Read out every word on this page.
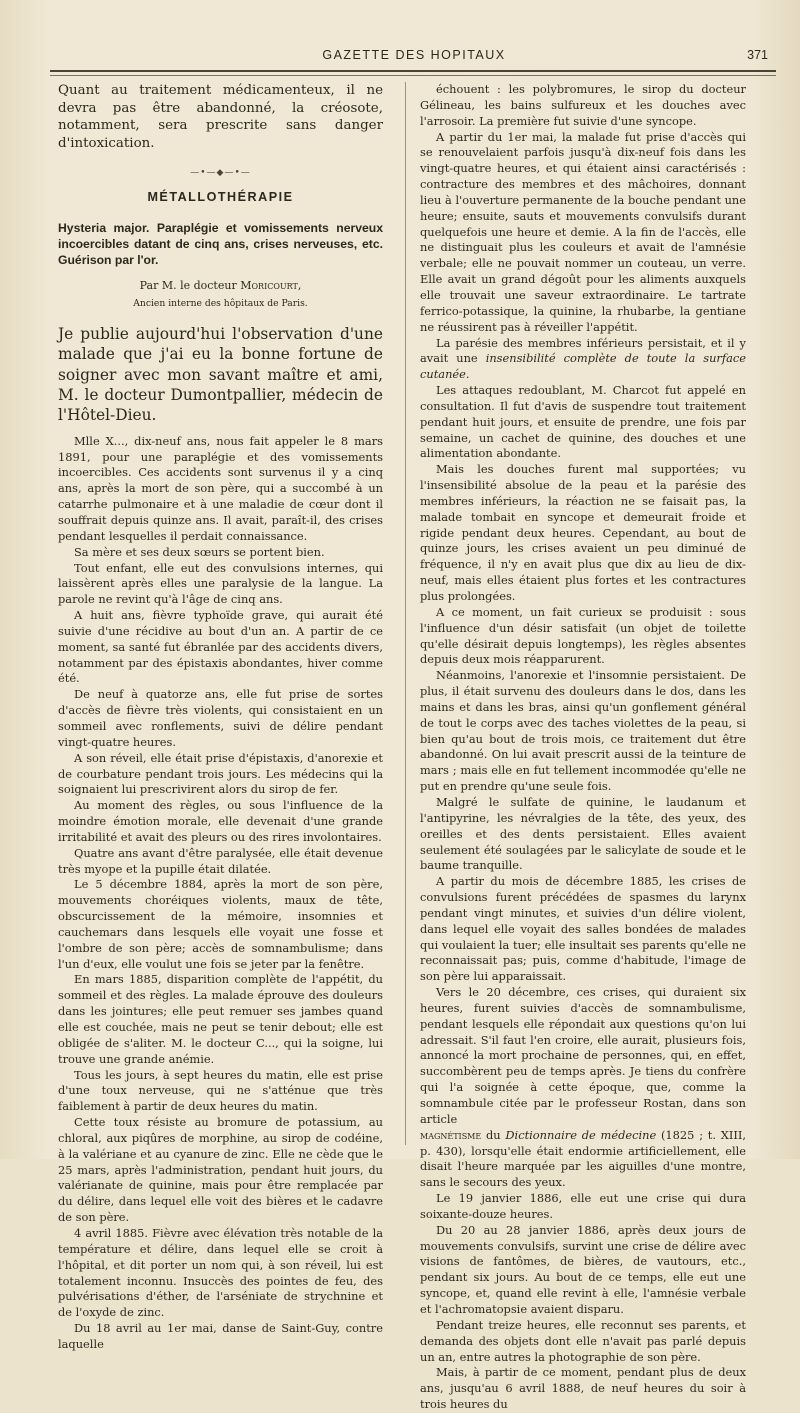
GAZETTE DES HOPITAUX	371

Quant au traitement médicamenteux, il ne devra pas être abandonné, la créosote, notamment, sera prescrite sans danger d'intoxication.

—•—◆—•—
MÉTALLOTHÉRAPIE
Hysteria major. Paraplégie et vomissements nerveux incoercibles datant de cinq ans, crises nerveuses, etc. Guérison par l'or.

Par M. le docteur Moricourt,

Ancien interne des hôpitaux de Paris.

Je publie aujourd'hui l'observation d'une malade que j'ai eu la bonne fortune de soigner avec mon savant maître et ami, M. le docteur Dumontpallier, médecin de l'Hôtel-Dieu.

Mlle X..., dix-neuf ans, nous fait appeler le 8 mars 1891, pour une paraplégie et des vomissements incoercibles. Ces accidents sont survenus il y a cinq ans, après la mort de son père, qui a succombé à un catarrhe pulmonaire et à une maladie de cœur dont il souffrait depuis quinze ans. Il avait, paraît-il, des crises pendant lesquelles il perdait connaissance.

Sa mère et ses deux sœurs se portent bien.

Tout enfant, elle eut des convulsions internes, qui laissèrent après elles une paralysie de la langue. La parole ne revint qu'à l'âge de cinq ans.

A huit ans, fièvre typhoïde grave, qui aurait été suivie d'une récidive au bout d'un an. A partir de ce moment, sa santé fut ébranlée par des accidents divers, notamment par des épistaxis abondantes, hiver comme été.

De neuf à quatorze ans, elle fut prise de sortes d'accès de fièvre très violents, qui consistaient en un sommeil avec ronflements, suivi de délire pendant vingt-quatre heures.

A son réveil, elle était prise d'épistaxis, d'anorexie et de courbature pendant trois jours. Les médecins qui la soignaient lui prescrivirent alors du sirop de fer.

Au moment des règles, ou sous l'influence de la moindre émotion morale, elle devenait d'une grande irritabilité et avait des pleurs ou des rires involontaires.

Quatre ans avant d'être paralysée, elle était devenue très myope et la pupille était dilatée.

Le 5 décembre 1884, après la mort de son père, mouvements choréiques violents, maux de tête, obscurcissement de la mémoire, insomnies et cauchemars dans lesquels elle voyait une fosse et l'ombre de son père; accès de somnambulisme; dans l'un d'eux, elle voulut une fois se jeter par la fenêtre.

En mars 1885, disparition complète de l'appétit, du sommeil et des règles. La malade éprouve des douleurs dans les jointures; elle peut remuer ses jambes quand elle est couchée, mais ne peut se tenir debout; elle est obligée de s'aliter. M. le docteur C..., qui la soigne, lui trouve une grande anémie.

Tous les jours, à sept heures du matin, elle est prise d'une toux nerveuse, qui ne s'atténue que très faiblement à partir de deux heures du matin.

Cette toux résiste au bromure de potassium, au chloral, aux piqûres de morphine, au sirop de codéine, à la valériane et au cyanure de zinc. Elle ne cède que le 25 mars, après l'administration, pendant huit jours, du valérianate de quinine, mais pour être remplacée par du délire, dans lequel elle voit des bières et le cadavre de son père.

4 avril 1885. Fièvre avec élévation très notable de la température et délire, dans lequel elle se croit à l'hôpital, et dit porter un nom qui, à son réveil, lui est totalement inconnu. Insuccès des pointes de feu, des pulvérisations d'éther, de l'arséniate de strychnine et de l'oxyde de zinc.

Du 18 avril au 1er mai, danse de Saint-Guy, contre laquelle

échouent : les polybromures, le sirop du docteur Gélineau, les bains sulfureux et les douches avec l'arrosoir. La première fut suivie d'une syncope.

A partir du 1er mai, la malade fut prise d'accès qui se renouvelaient parfois jusqu'à dix-neuf fois dans les vingt-quatre heures, et qui étaient ainsi caractérisés : contracture des membres et des mâchoires, donnant lieu à l'ouverture permanente de la bouche pendant une heure; ensuite, sauts et mouvements convulsifs durant quelquefois une heure et demie. A la fin de l'accès, elle ne distinguait plus les couleurs et avait de l'amnésie verbale; elle ne pouvait nommer un couteau, un verre. Elle avait un grand dégoût pour les aliments auxquels elle trouvait une saveur extraordinaire. Le tartrate ferrico-potassique, la quinine, la rhubarbe, la gentiane ne réussirent pas à réveiller l'appétit.

La parésie des membres inférieurs persistait, et il y avait une insensibilité complète de toute la surface cutanée.

Les attaques redoublant, M. Charcot fut appelé en consultation. Il fut d'avis de suspendre tout traitement pendant huit jours, et ensuite de prendre, une fois par semaine, un cachet de quinine, des douches et une alimentation abondante.

Mais les douches furent mal supportées; vu l'insensibilité absolue de la peau et la parésie des membres inférieurs, la réaction ne se faisait pas, la malade tombait en syncope et demeurait froide et rigide pendant deux heures. Cependant, au bout de quinze jours, les crises avaient un peu diminué de fréquence, il n'y en avait plus que dix au lieu de dix-neuf, mais elles étaient plus fortes et les contractures plus prolongées.

A ce moment, un fait curieux se produisit : sous l'influence d'un désir satisfait (un objet de toilette qu'elle désirait depuis longtemps), les règles absentes depuis deux mois réapparurent.

Néanmoins, l'anorexie et l'insomnie persistaient. De plus, il était survenu des douleurs dans le dos, dans les mains et dans les bras, ainsi qu'un gonflement général de tout le corps avec des taches violettes de la peau, si bien qu'au bout de trois mois, ce traitement dut être abandonné. On lui avait prescrit aussi de la teinture de mars ; mais elle en fut tellement incommodée qu'elle ne put en prendre qu'une seule fois.

Malgré le sulfate de quinine, le laudanum et l'antipyrine, les névralgies de la tête, des yeux, des oreilles et des dents persistaient. Elles avaient seulement été soulagées par le salicylate de soude et le baume tranquille.

A partir du mois de décembre 1885, les crises de convulsions furent précédées de spasmes du larynx pendant vingt minutes, et suivies d'un délire violent, dans lequel elle voyait des salles bondées de malades qui voulaient la tuer; elle insultait ses parents qu'elle ne reconnaissait pas; puis, comme d'habitude, l'image de son père lui apparaissait.

Vers le 20 décembre, ces crises, qui duraient six heures, furent suivies d'accès de somnambulisme, pendant lesquels elle répondait aux questions qu'on lui adressait. S'il faut l'en croire, elle aurait, plusieurs fois, annoncé la mort prochaine de personnes, qui, en effet, succombèrent peu de temps après. Je tiens du confrère qui l'a soignée à cette époque, que, comme la somnambule citée par le professeur Rostan, dans son article

magnétisme du Dictionnaire de médecine (1825 ; t. XIII, p. 430), lorsqu'elle était endormie artificiellement, elle disait l'heure marquée par les aiguilles d'une montre, sans le secours des yeux.

Le 19 janvier 1886, elle eut une crise qui dura soixante-douze heures.

Du 20 au 28 janvier 1886, après deux jours de mouvements convulsifs, survint une crise de délire avec visions de fantômes, de bières, de vautours, etc., pendant six jours. Au bout de ce temps, elle eut une syncope, et, quand elle revint à elle, l'amnésie verbale et l'achromatopsie avaient disparu.

Pendant treize heures, elle reconnut ses parents, et demanda des objets dont elle n'avait pas parlé depuis un an, entre autres la photographie de son père.

Mais, à partir de ce moment, pendant plus de deux ans, jusqu'au 6 avril 1888, de neuf heures du soir à trois heures du
